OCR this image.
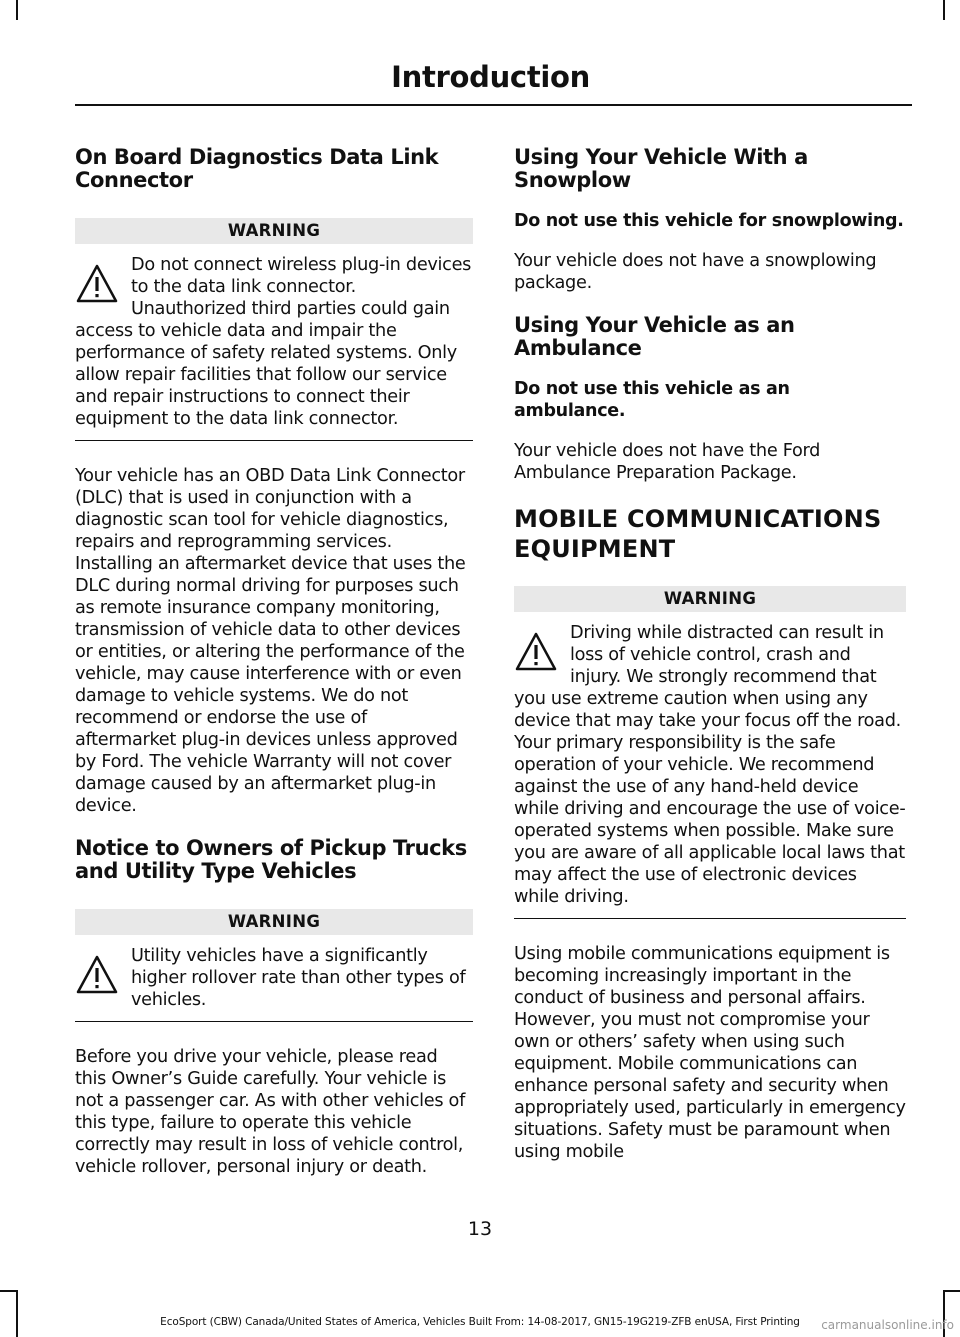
Introduction
On Board Diagnostics Data Link Connector
WARNING
Do not connect wireless plug-in devices to the data link connector. Unauthorized third parties could gain access to vehicle data and impair the performance of safety related systems. Only allow repair facilities that follow our service and repair instructions to connect their equipment to the data link connector.

Your vehicle has an OBD Data Link Connector (DLC) that is used in conjunction with a diagnostic scan tool for vehicle diagnostics, repairs and reprogramming services. Installing an aftermarket device that uses the DLC during normal driving for purposes such as remote insurance company monitoring, transmission of vehicle data to other devices or entities, or altering the performance of the vehicle, may cause interference with or even damage to vehicle systems. We do not recommend or endorse the use of aftermarket plug-in devices unless approved by Ford. The vehicle Warranty will not cover damage caused by an aftermarket plug-in device.

Notice to Owners of Pickup Trucks and Utility Type Vehicles
WARNING
Utility vehicles have a significantly higher rollover rate than other types of vehicles.

Before you drive your vehicle, please read this Owner’s Guide carefully. Your vehicle is not a passenger car. As with other vehicles of this type, failure to operate this vehicle correctly may result in loss of vehicle control, vehicle rollover, personal injury or death.

Using Your Vehicle With a Snowplow
Do not use this vehicle for snowplowing.

Your vehicle does not have a snowplowing package.

Using Your Vehicle as an Ambulance
Do not use this vehicle as an ambulance.

Your vehicle does not have the Ford Ambulance Preparation Package.

MOBILE COMMUNICATIONS
EQUIPMENT
WARNING
Driving while distracted can result in loss of vehicle control, crash and injury. We strongly recommend that you use extreme caution when using any device that may take your focus off the road. Your primary responsibility is the safe operation of your vehicle. We recommend against the use of any hand-held device while driving and encourage the use of voice-operated systems when possible. Make sure you are aware of all applicable local laws that may affect the use of electronic devices while driving.

Using mobile communications equipment is becoming increasingly important in the conduct of business and personal affairs. However, you must not compromise your own or others’ safety when using such equipment. Mobile communications can enhance personal safety and security when appropriately used, particularly in emergency situations. Safety must be paramount when using mobile

13
EcoSport (CBW) Canada/United States of America, Vehicles Built From: 14-08-2017, GN15-19G219-ZFB enUSA, First Printing	carmanualsonline.info
